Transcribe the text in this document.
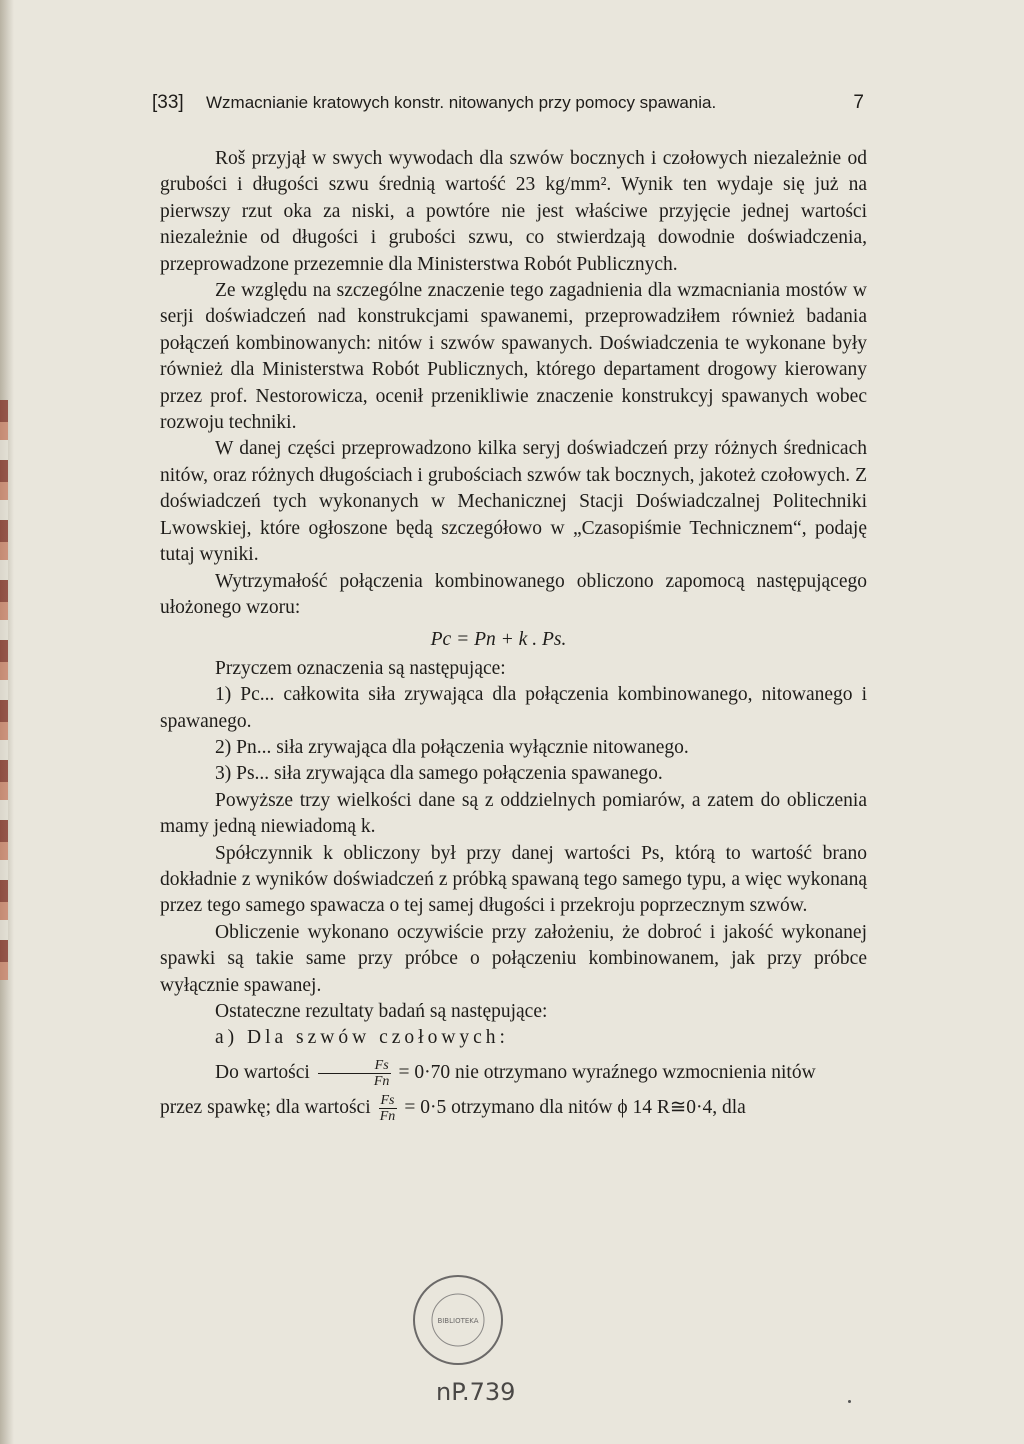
[33] Wzmacnianie kratowych konstr. nitowanych przy pomocy spawania.	7

Roš przyjął w swych wywodach dla szwów bocznych i czołowych niezależnie od grubości i długości szwu średnią wartość 23 kg/mm². Wynik ten wydaje się już na pierwszy rzut oka za niski, a powtóre nie jest właściwe przyjęcie jednej wartości niezależnie od długości i grubości szwu, co stwierdzają dowodnie doświadczenia, przeprowadzone przezemnie dla Ministerstwa Robót Publicznych.

Ze względu na szczególne znaczenie tego zagadnienia dla wzmacniania mostów w serji doświadczeń nad konstrukcjami spawanemi, przeprowadziłem również badania połączeń kombinowanych: nitów i szwów spawanych. Doświadczenia te wykonane były również dla Ministerstwa Robót Publicznych, którego departament drogowy kierowany przez prof. Nestorowicza, ocenił przenikliwie znaczenie konstrukcyj spawanych wobec rozwoju techniki.

W danej części przeprowadzono kilka seryj doświadczeń przy różnych średnicach nitów, oraz różnych długościach i grubościach szwów tak bocznych, jakoteż czołowych. Z doświadczeń tych wykonanych w Mechanicznej Stacji Doświadczalnej Politechniki Lwowskiej, które ogłoszone będą szczegółowo w „Czasopiśmie Technicznem“, podaję tutaj wyniki.

Wytrzymałość połączenia kombinowanego obliczono zapomocą następującego ułożonego wzoru:

Pc = Pn + k . Ps.

Przyczem oznaczenia są następujące:

1) Pc... całkowita siła zrywająca dla połączenia kombinowanego, nitowanego i spawanego.

2) Pn... siła zrywająca dla połączenia wyłącznie nitowanego.

3) Ps... siła zrywająca dla samego połączenia spawanego.

Powyższe trzy wielkości dane są z oddzielnych pomiarów, a zatem do obliczenia mamy jedną niewiadomą k.

Spółczynnik k obliczony był przy danej wartości Ps, którą to wartość brano dokładnie z wyników doświadczeń z próbką spawaną tego samego typu, a więc wykonaną przez tego samego spawacza o tej samej długości i przekroju poprzecznym szwów.

Obliczenie wykonano oczywiście przy założeniu, że dobroć i jakość wykonanej spawki są takie same przy próbce o połączeniu kombinowanem, jak przy próbce wyłącznie spawanej.

Ostateczne rezultaty badań są następujące:

a) Dla szwów czołowych:

Do wartości $\frac{Fs}{Fn} = 0\cdot 70$ nie otrzymano wyraźnego wzmocnienia nitów

przez spawkę; dla wartości $\frac{Fs}{Fn} = 0\cdot 5$ otrzymano dla nitów ϕ 14 R≅0·4, dla

BIBLIOTEKA
nP.739
